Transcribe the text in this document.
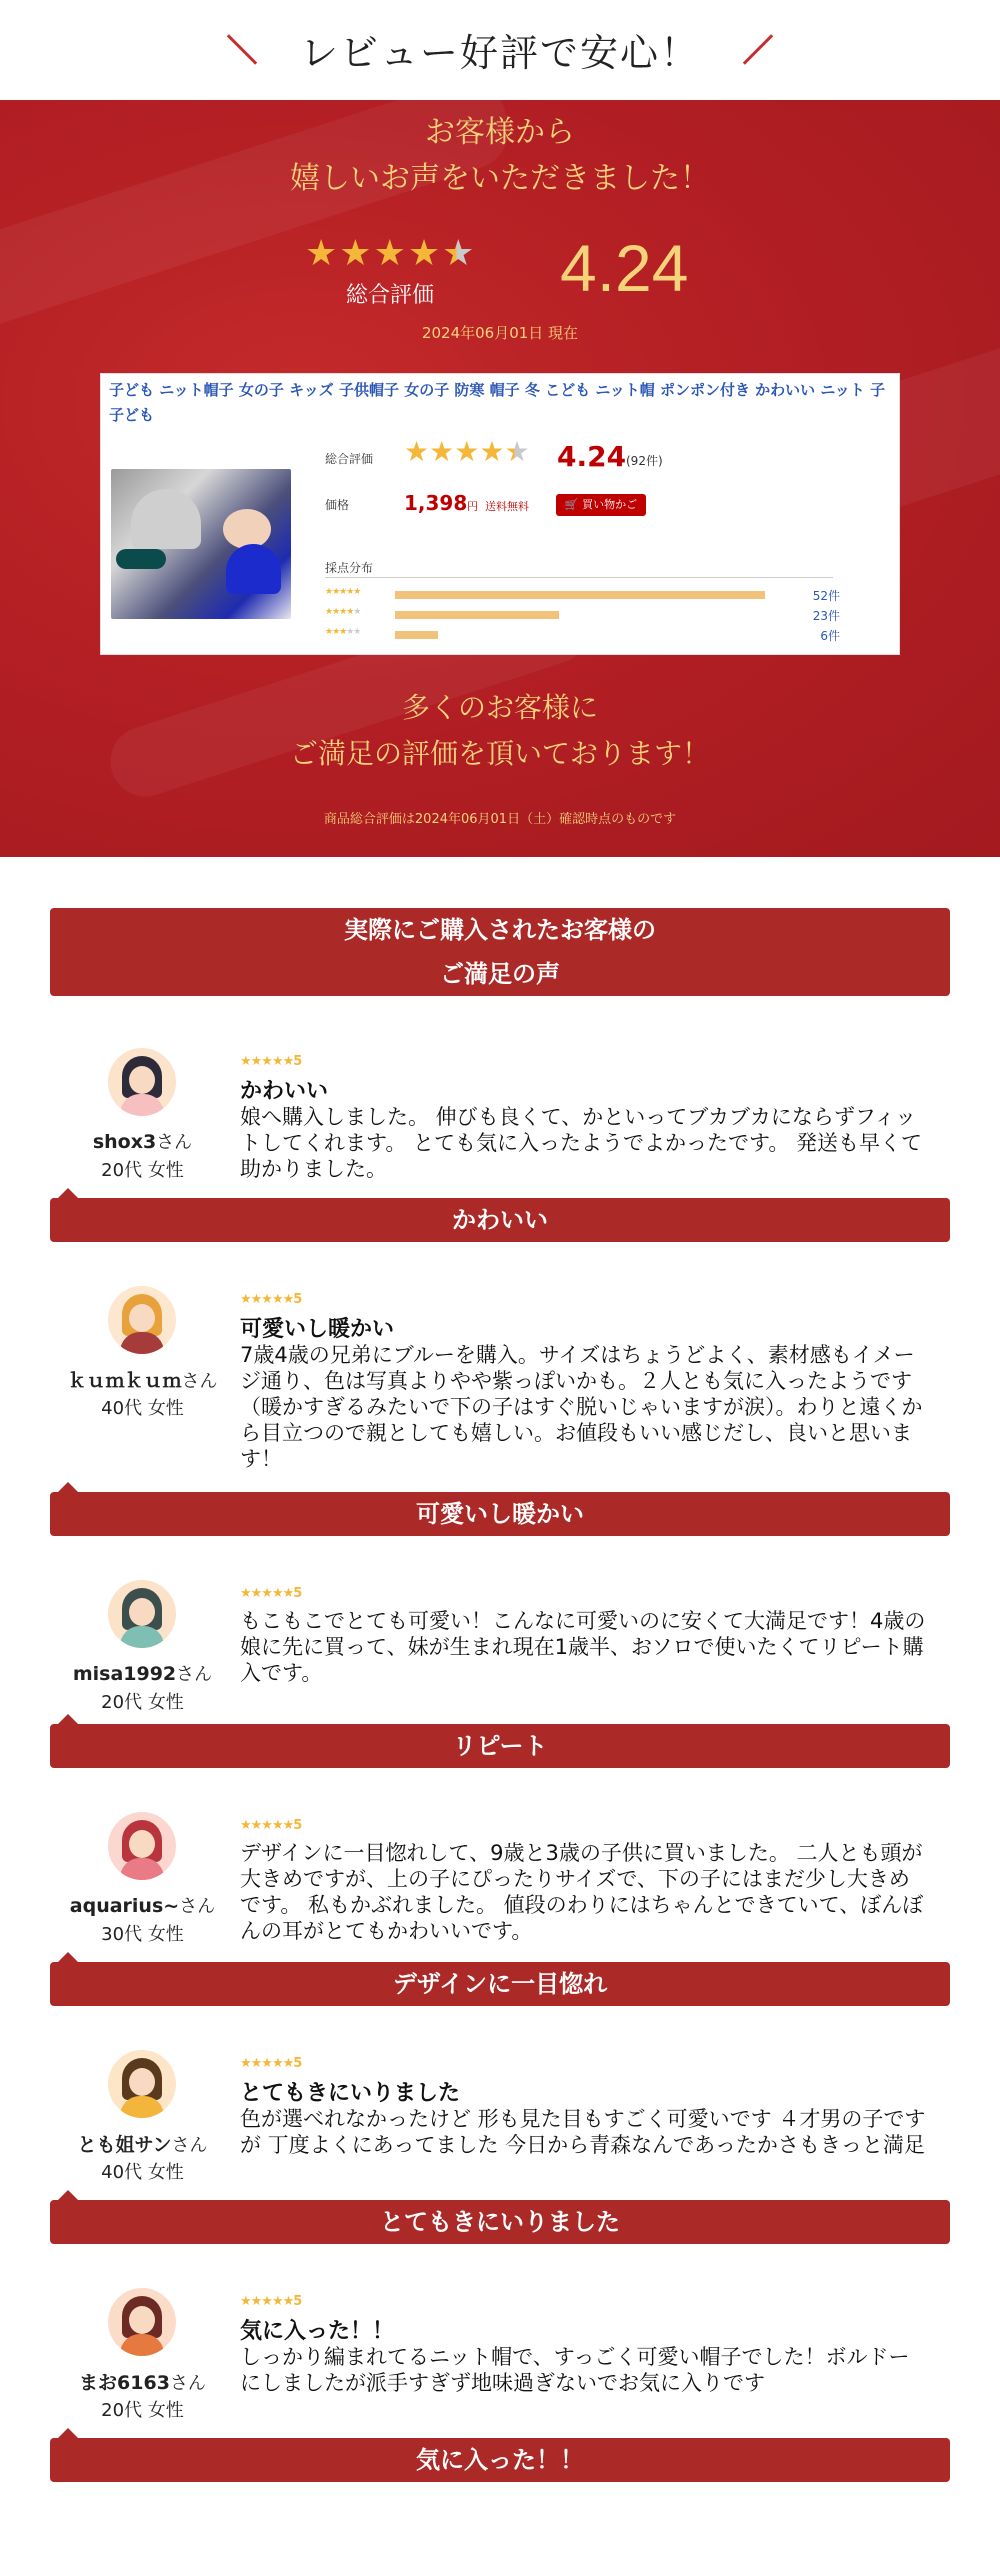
レビュー好評で安心！
お客様から
嬉しいお声をいただきました！
★ ★ ★ ★ ★
総合評価 4.24
2024年06月01日 現在
子ども ニット帽子 女の子 キッズ 子供帽子 女の子 防寒 帽子 冬 こども ニット帽 ポンポン付き かわいい ニット 子 子ども
総合評価 ★ ★ ★ ★ ★ 4.24 (92件)
価格	1,398 円 送料無料	🛒 買い物かご
採点分布
★★★★★	52件
★★★★★	23件
★★★★★	6件
多くのお客様に
ご満足の評価を頂いております！
商品総合評価は2024年06月01日（土）確認時点のものです
実際にご購入されたお客様の
ご満足の声
shox3さん
20代 女性
★★★★★5
かわいい
娘へ購入しました。 伸びも良くて、かといってブカブカにならずフィットしてくれます。 とても気に入ったようでよかったです。 発送も早くて助かりました。
かわいい
ｋｕｍｋｕｍさん
40代 女性
★★★★★5
可愛いし暖かい
7歳4歳の兄弟にブルーを購入。サイズはちょうどよく、素材感もイメージ通り、色は写真よりやや紫っぽいかも。２人とも気に入ったようです（暖かすぎるみたいで下の子はすぐ脱いじゃいますが涙）。わりと遠くから目立つので親としても嬉しい。お値段もいい感じだし、良いと思います！
可愛いし暖かい
misa1992さん
20代 女性
★★★★★5
もこもこでとても可愛い！こんなに可愛いのに安くて大満足です！4歳の娘に先に買って、妹が生まれ現在1歳半、おソロで使いたくてリピート購入です。
リピート
aquarius~さん
30代 女性
★★★★★5
デザインに一目惚れして、9歳と3歳の子供に買いました。 二人とも頭が大きめですが、上の子にぴったりサイズで、下の子にはまだ少し大きめです。 私もかぶれました。 値段のわりにはちゃんとできていて、ぼんぼんの耳がとてもかわいいです。
デザインに一目惚れ
とも姐サンさん
40代 女性
★★★★★5
とてもきにいりました
色が選べれなかったけど 形も見た目もすごく可愛いです ４才男の子ですが 丁度よくにあってました 今日から青森なんであったかさもきっと満足
とてもきにいりました
まお6163さん
20代 女性
★★★★★5
気に入った！！
しっかり編まれてるニット帽で、すっごく可愛い帽子でした！ボルドーにしましたが派手すぎず地味過ぎないでお気に入りです
気に入った！！
